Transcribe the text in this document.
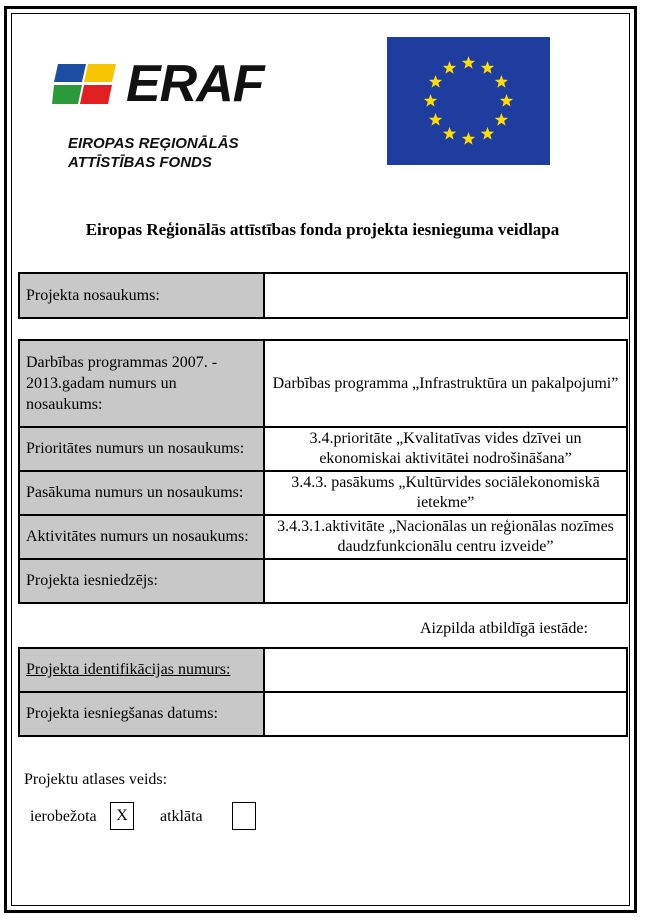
ERAF
EIROPAS REĢIONĀLĀS
ATTĪSTĪBAS FONDS
Eiropas Reģionālās attīstības fonda projekta iesnieguma veidlapa
Projekta nosaukums:	
Darbības programmas 2007. - 2013.gadam numurs un nosaukums:	Darbības programma „Infrastruktūra un pakalpojumi”
Prioritātes numurs un nosaukums:	3.4.prioritāte „Kvalitatīvas vides dzīvei un ekonomiskai aktivitātei nodrošināšana”
Pasākuma numurs un nosaukums:	3.4.3. pasākums „Kultūrvides sociālekonomiskā ietekme”
Aktivitātes numurs un nosaukums:	3.4.3.1.aktivitāte „Nacionālas un reģionālas nozīmes daudzfunkcionālu centru izveide”
Projekta iesniedzējs:	
Aizpilda atbildīgā iestāde:
Projekta identifikācijas numurs:	
Projekta iesniegšanas datums:	
Projektu atlases veids:
ierobežota	X	atklāta
